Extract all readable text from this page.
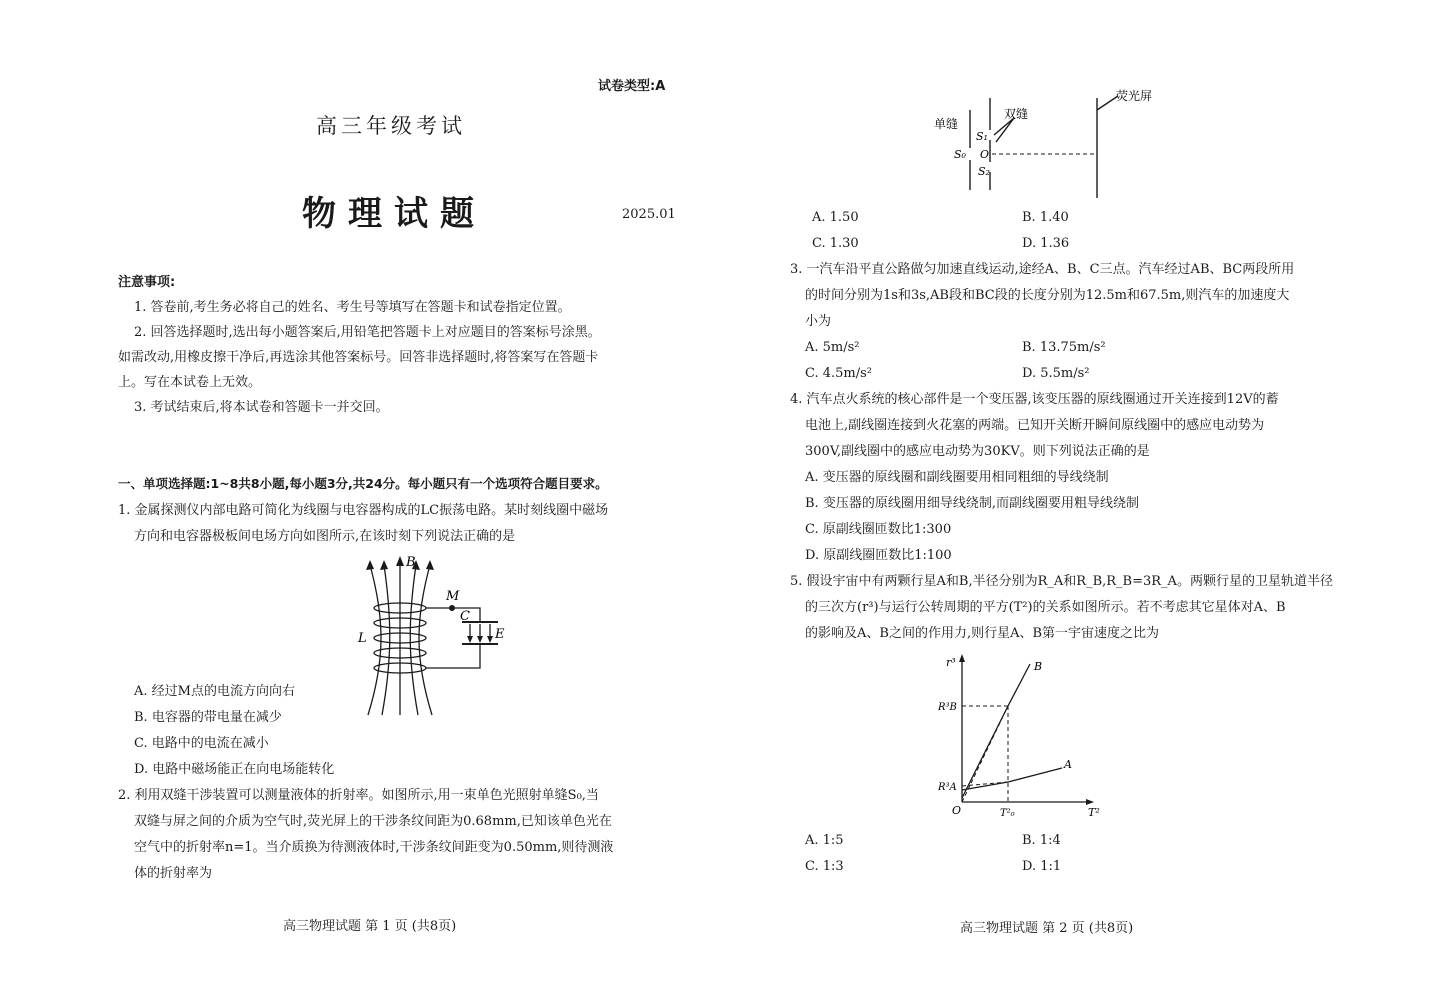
试卷类型:A
高三年级考试
物理试题	2025.01
注意事项:
1. 答卷前,考生务必将自己的姓名、考生号等填写在答题卡和试卷指定位置。
2. 回答选择题时,选出每小题答案后,用铅笔把答题卡上对应题目的答案标号涂黑。
如需改动,用橡皮擦干净后,再选涂其他答案标号。回答非选择题时,将答案写在答题卡
上。写在本试卷上无效。
3. 考试结束后,将本试卷和答题卡一并交回。
一、单项选择题:1~8共8小题,每小题3分,共24分。每小题只有一个选项符合题目要求。
1. 金属探测仪内部电路可简化为线圈与电容器构成的LC振荡电路。某时刻线圈中磁场
方向和电容器极板间电场方向如图所示,在该时刻下列说法正确的是
B
M
C
L	E
A. 经过M点的电流方向向右
B. 电容器的带电量在减少
C. 电路中的电流在减小
D. 电路中磁场能正在向电场能转化
2. 利用双缝干涉装置可以测量液体的折射率。如图所示,用一束单色光照射单缝S₀,当
双缝与屏之间的介质为空气时,荧光屏上的干涉条纹间距为0.68mm,已知该单色光在
空气中的折射率n=1。当介质换为待测液体时,干涉条纹间距变为0.50mm,则待测液
体的折射率为
高三物理试题 第 1 页 (共8页)
单缝
双缝
荧光屏
S₁
S₀ O
S₂
A. 1.50	B. 1.40
C. 1.30	D. 1.36
3. 一汽车沿平直公路做匀加速直线运动,途经A、B、C三点。汽车经过AB、BC两段所用
的时间分别为1s和3s,AB段和BC段的长度分别为12.5m和67.5m,则汽车的加速度大
小为
A. 5m/s²	B. 13.75m/s²
C. 4.5m/s²	D. 5.5m/s²
4. 汽车点火系统的核心部件是一个变压器,该变压器的原线圈通过开关连接到12V的蓄
电池上,副线圈连接到火花塞的两端。已知开关断开瞬间原线圈中的感应电动势为
300V,副线圈中的感应电动势为30KV。则下列说法正确的是
A. 变压器的原线圈和副线圈要用相同粗细的导线绕制
B. 变压器的原线圈用细导线绕制,而副线圈要用粗导线绕制
C. 原副线圈匝数比1:300
D. 原副线圈匝数比1:100
5. 假设宇宙中有两颗行星A和B,半径分别为R_A和R_B,R_B=3R_A。两颗行星的卫星轨道半径
的三次方(r³)与运行公转周期的平方(T²)的关系如图所示。若不考虑其它星体对A、B
的影响及A、B之间的作用力,则行星A、B第一宇宙速度之比为
r³
T²
O
R³B
R³A
T²₀
A
B
A. 1:5	B. 1:4
C. 1:3	D. 1:1
高三物理试题 第 2 页 (共8页)
